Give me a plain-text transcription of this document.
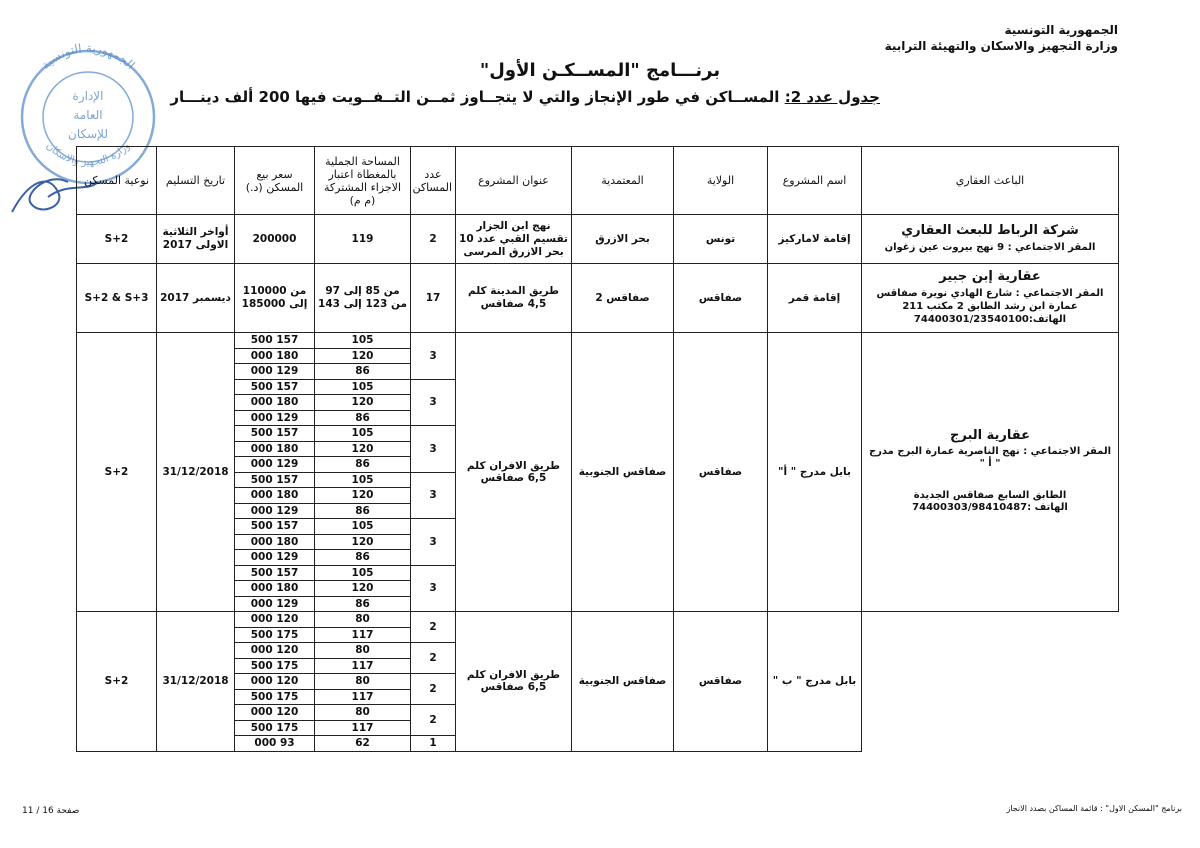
الجمهورية التونسية
وزارة التجهيز والاسكان والتهيئة الترابية
برنـــامج "المســكـن الأول"
جدول عدد 2: المســاكن في طور الإنجاز والتي لا يتجــاوز ثمــن التــفــويت فيها 200 ألف دينـــار
الجمهورية التونسية
وزارة التجهيز والاسكان
الإدارة
العامة
للإسكان
نوعية المسكن	تاريخ التسليم	سعر بيع المسكن (د.)	المساحة الجملية بالمغطاة اعتبار الاجزاء المشتركة (م م)	عدد المساكن	عنوان المشروع	المعتمدية	الولاية	اسم المشروع	الباعث العقاري
S+2	أواخر الثلاثية الاولى 2017	200000	119	2	نهج ابن الجزار تقسيم القبي عدد 10 بحر الازرق المرسى	بحر الازرق	تونس	إقامة لاماركيز	شركة الرباط للبعث العقاري
المقر الاجتماعي : 9 نهج بيروت عين زغوان

S+2 & S+3	ديسمبر 2017	من 110000 إلى 185000	من 85 إلى 97 من 123 إلى 143	17	طريق المدينة كلم 4,5 صفاقس	صفاقس 2	صفاقس	إقامة قمر	عقارية إبن جبير
المقر الاجتماعي : شارع الهادي نويرة صفاقس عمارة ابن رشد الطابق 2 مكتب 211
الهاتف:74400301/23540100

S+2	31/12/2018	157 500	105	3	طريق الافران كلم 6,5 صفاقس	صفاقس الجنوبية	صفاقس	بابل مدرج " أ"	عقارية البرج
المقر الاجتماعي : نهج الناصرية عمارة البرج مدرج " أ "
الطابق السابع صفاقس الجديدة
الهاتف :74400303/98410487

		180 000	120						
		129 000	86						
		157 500	105	3					
		180 000	120						
		129 000	86						
		157 500	105	3					
		180 000	120						
		129 000	86						
		157 500	105	3					
		180 000	120						
		129 000	86						
		157 500	105	3					
		180 000	120						
		129 000	86						
		157 500	105	3					
		180 000	120						
		129 000	86						
S+2	31/12/2018	120 000	80	2	طريق الافران كلم 6,5 صفاقس	صفاقس الجنوبية	صفاقس	بابل مدرج " ب "	
		175 500	117						
		120 000	80	2					
		175 500	117						
		120 000	80	2					
		175 500	117						
		120 000	80	2					
		175 500	117						
		93 000	62	1					
صفحة 16 / 11	برنامج "المسكن الاول" : قائمة المساكن بصدد الانجاز
